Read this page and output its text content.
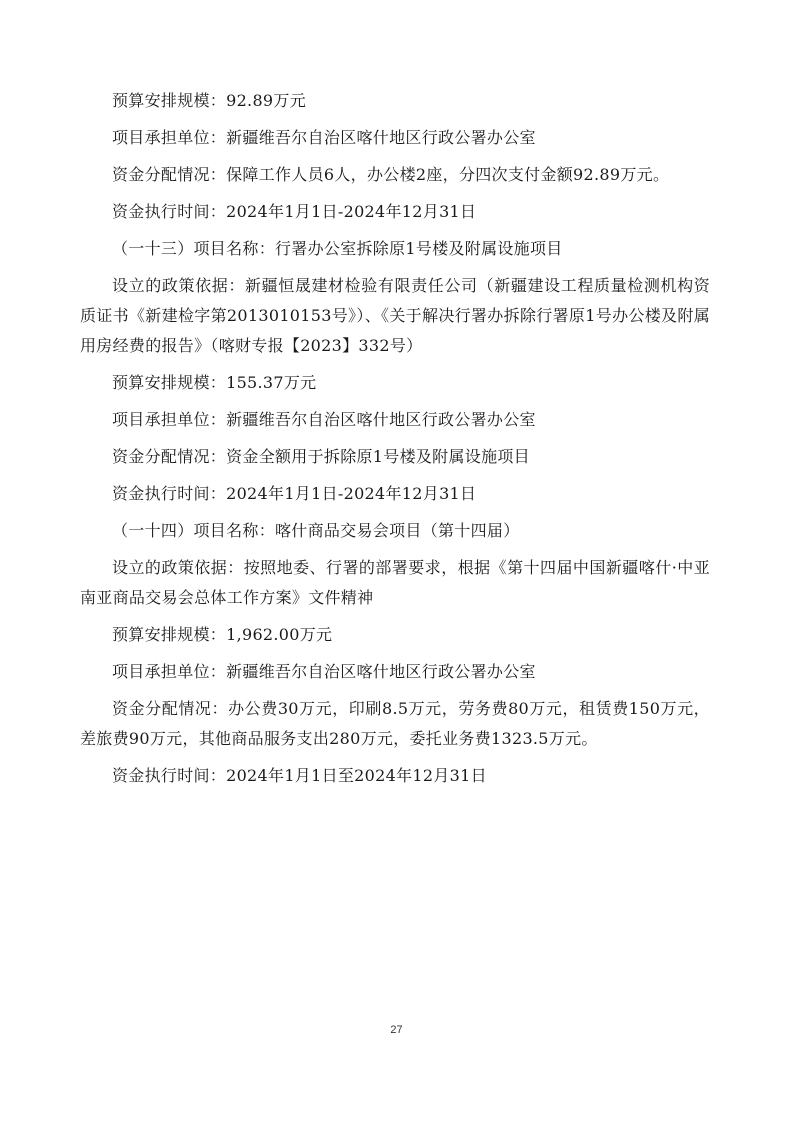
预算安排规模：92.89万元

项目承担单位：新疆维吾尔自治区喀什地区行政公署办公室

资金分配情况：保障工作人员6人，办公楼2座，分四次支付金额92.89万元。

资金执行时间：2024年1月1日-2024年12月31日

（一十三）项目名称：行署办公室拆除原1号楼及附属设施项目

设立的政策依据：新疆恒晟建材检验有限责任公司（新疆建设工程质量检测机构资质证书《新建检字第2013010153号》）、《关于解决行署办拆除行署原1号办公楼及附属用房经费的报告》（喀财专报【2023】332号）

预算安排规模：155.37万元

项目承担单位：新疆维吾尔自治区喀什地区行政公署办公室

资金分配情况：资金全额用于拆除原1号楼及附属设施项目

资金执行时间：2024年1月1日-2024年12月31日

（一十四）项目名称：喀什商品交易会项目（第十四届）

设立的政策依据：按照地委、行署的部署要求，根据《第十四届中国新疆喀什·中亚南亚商品交易会总体工作方案》文件精神

预算安排规模：1,962.00万元

项目承担单位：新疆维吾尔自治区喀什地区行政公署办公室

资金分配情况：办公费30万元，印刷8.5万元，劳务费80万元，租赁费150万元，差旅费90万元，其他商品服务支出280万元，委托业务费1323.5万元。

资金执行时间：2024年1月1日至2024年12月31日

27
